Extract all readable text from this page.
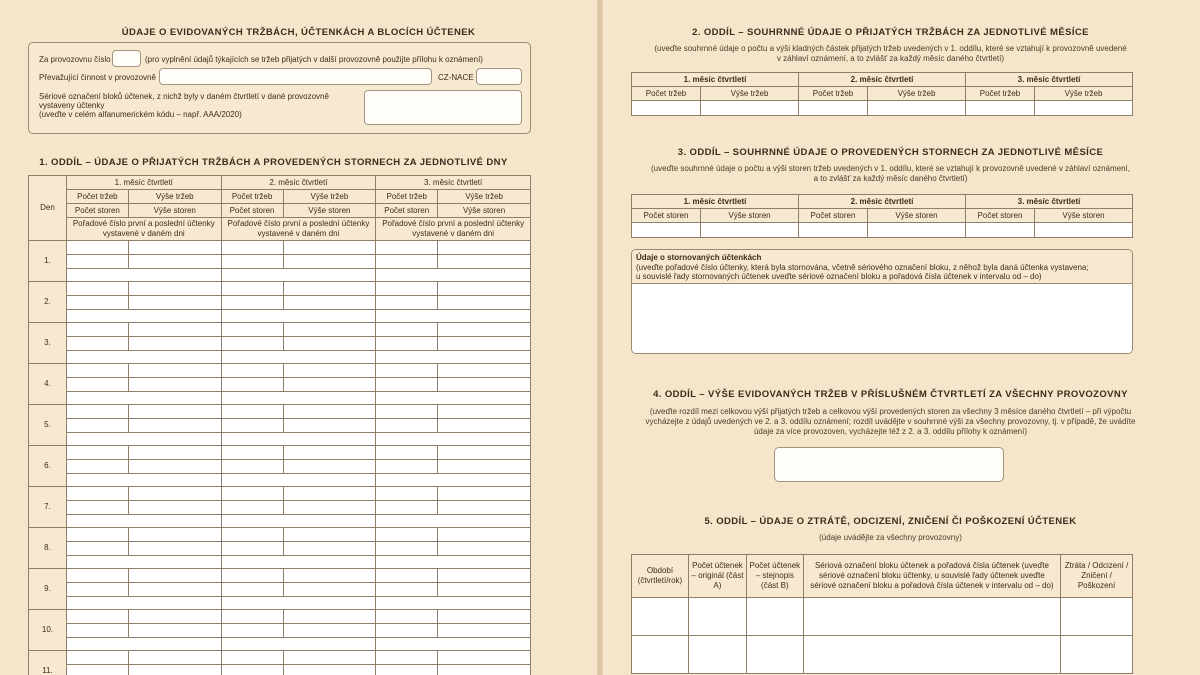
ÚDAJE O EVIDOVANÝCH TRŽBÁCH, ÚČTENKÁCH A BLOCÍCH ÚČTENEK
Za provozovnu číslo	(pro vyplnění údajů týkajících se tržeb přijatých v další provozovně použijte přílohu k oznámení)
Převažující činnost v provozovně	CZ-NACE
Sériové označení bloků účtenek, z nichž byly v daném čtvrtletí v dané provozovně
vystaveny účtenky
(uveďte v celém alfanumerickém kódu – např. AAA/2020)
1. ODDÍL – ÚDAJE O PŘIJATÝCH TRŽBÁCH A PROVEDENÝCH STORNECH ZA JEDNOTLIVÉ DNY
Den	1. měsíc čtvrtletí		2. měsíc čtvrtletí		3. měsíc čtvrtletí	
	Počet tržeb	Výše tržeb	Počet tržeb	Výše tržeb	Počet tržeb	Výše tržeb
	Počet storen	Výše storen	Počet storen	Výše storen	Počet storen	Výše storen
	Pořadové číslo první a poslední účtenky vystavené v daném dni		Pořadové číslo první a poslední účtenky vystavené v daném dni		Pořadové číslo první a poslední účtenky vystavené v daném dni	
1.						

2.						

3.						

4.						

5.						

6.						

7.						

8.						

9.						

10.						

11.						

2. ODDÍL – SOUHRNNÉ ÚDAJE O PŘIJATÝCH TRŽBÁCH ZA JEDNOTLIVÉ MĚSÍCE
(uveďte souhrnné údaje o počtu a výši kladných částek přijatých tržeb uvedených v 1. oddílu, které se vztahují k provozovně uvedené
v záhlaví oznámení, a to zvlášť za každý měsíc daného čtvrtletí)
1. měsíc čtvrtletí		2. měsíc čtvrtletí		3. měsíc čtvrtletí	
Počet tržeb	Výše tržeb	Počet tržeb	Výše tržeb	Počet tržeb	Výše tržeb

3. ODDÍL – SOUHRNNÉ ÚDAJE O PROVEDENÝCH STORNECH ZA JEDNOTLIVÉ MĚSÍCE
(uveďte souhrnné údaje o počtu a výši storen tržeb uvedených v 1. oddílu, které se vztahují k provozovně uvedené v záhlaví oznámení,
a to zvlášť za každý měsíc daného čtvrtletí)
1. měsíc čtvrtletí		2. měsíc čtvrtletí		3. měsíc čtvrtletí	
Počet storen	Výše storen	Počet storen	Výše storen	Počet storen	Výše storen

Údaje o stornovaných účtenkách
(uveďte pořadové číslo účtenky, která byla stornována, včetně sériového označení bloku, z něhož byla daná účtenka vystavena;
u souvislé řady stornovaných účtenek uveďte sériové označení bloku a pořadová čísla účtenek v intervalu od – do)
4. ODDÍL – VÝŠE EVIDOVANÝCH TRŽEB V PŘÍSLUŠNÉM ČTVRTLETÍ ZA VŠECHNY PROVOZOVNY
(uveďte rozdíl mezi celkovou výší přijatých tržeb a celkovou výší provedených storen za všechny 3 měsíce daného čtvrtletí – při výpočtu
vycházejte z údajů uvedených ve 2. a 3. oddílu oznámení; rozdíl uvádějte v souhrnné výši za všechny provozovny, tj. v případě, že uvádíte
údaje za více provozoven, vycházejte též z 2. a 3. oddílu přílohy k oznámení)
5. ODDÍL – ÚDAJE O ZTRÁTĚ, ODCIZENÍ, ZNIČENÍ ČI POŠKOZENÍ ÚČTENEK
(údaje uvádějte za všechny provozovny)
Období (čtvrtletí/rok)	Počet účtenek – originál (část A)	Počet účtenek – stejnopis (část B)	Sériová označení bloku účtenek a pořadová čísla účtenek (uveďte sériové označení bloku účtenky, u souvislé řady účtenek uveďte sériové označení bloku a pořadová čísla účtenek v intervalu od – do)	Ztráta / Odcizení / Zničení / Poškození
